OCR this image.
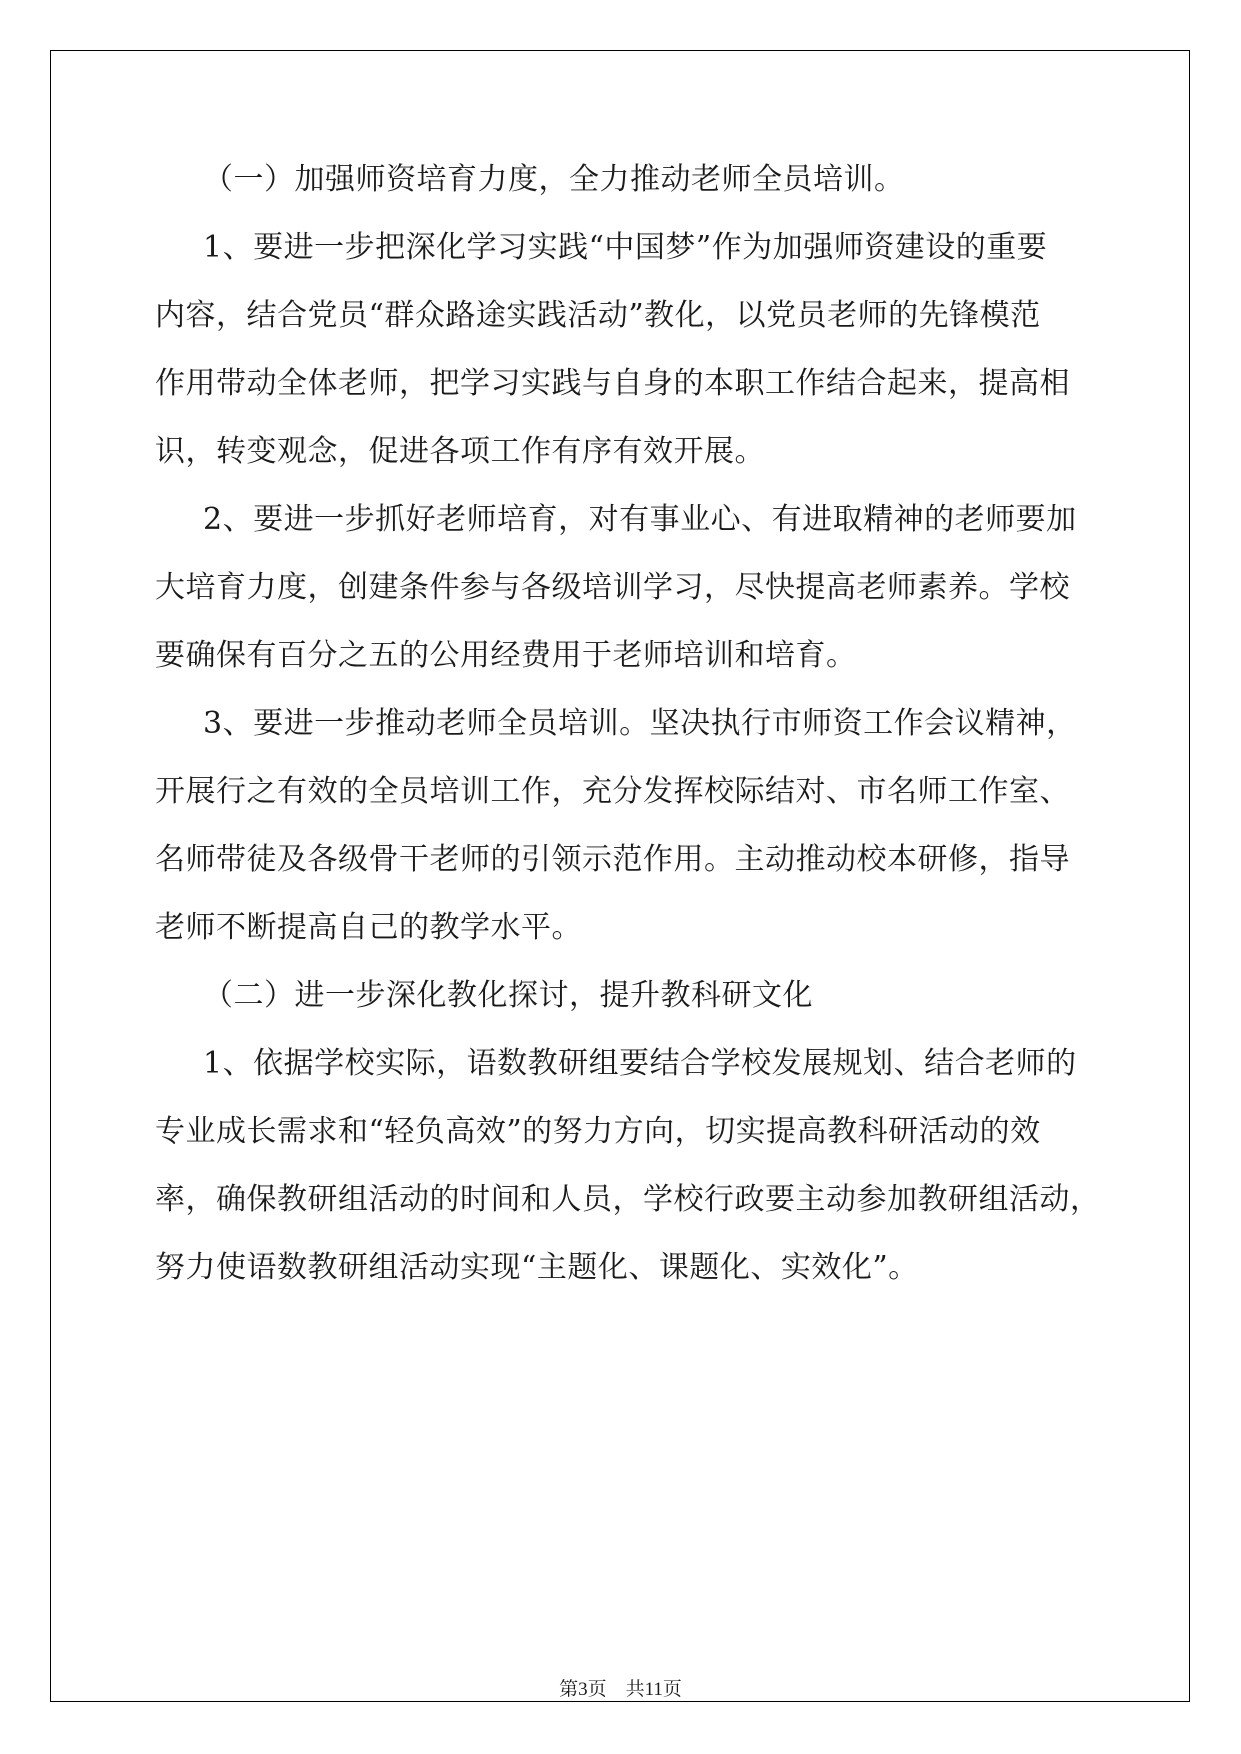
（一）加强师资培育力度，全力推动老师全员培训。
1、要进一步把深化学习实践“中国梦”作为加强师资建设的重要
内容，结合党员“群众路途实践活动”教化，以党员老师的先锋模范
作用带动全体老师，把学习实践与自身的本职工作结合起来，提高相
识，转变观念，促进各项工作有序有效开展。
2、要进一步抓好老师培育，对有事业心、有进取精神的老师要加
大培育力度，创建条件参与各级培训学习，尽快提高老师素养。学校
要确保有百分之五的公用经费用于老师培训和培育。
3、要进一步推动老师全员培训。坚决执行市师资工作会议精神，
开展行之有效的全员培训工作，充分发挥校际结对、市名师工作室、
名师带徒及各级骨干老师的引领示范作用。主动推动校本研修，指导
老师不断提高自己的教学水平。
（二）进一步深化教化探讨，提升教科研文化
1、依据学校实际，语数教研组要结合学校发展规划、结合老师的
专业成长需求和“轻负高效”的努力方向，切实提高教科研活动的效
率，确保教研组活动的时间和人员，学校行政要主动参加教研组活动，
努力使语数教研组活动实现“主题化、课题化、实效化”。
第3页　共11页
